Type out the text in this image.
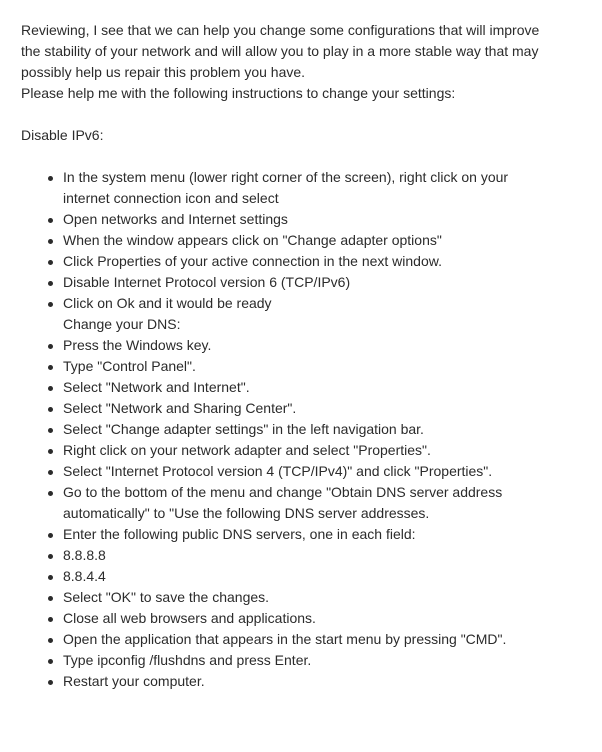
Reviewing, I see that we can help you change some configurations that will improve
the stability of your network and will allow you to play in a more stable way that may
possibly help us repair this problem you have.
Please help me with the following instructions to change your settings:

Disable IPv6:

In the system menu (lower right corner of the screen), right click on your
internet connection icon and select
Open networks and Internet settings
When the window appears click on "Change adapter options"
Click Properties of your active connection in the next window.
Disable Internet Protocol version 6 (TCP/IPv6)
Click on Ok and it would be ready
Change your DNS:
Press the Windows key.
Type "Control Panel".
Select "Network and Internet".
Select "Network and Sharing Center".
Select "Change adapter settings" in the left navigation bar.
Right click on your network adapter and select "Properties".
Select "Internet Protocol version 4 (TCP/IPv4)" and click "Properties".
Go to the bottom of the menu and change "Obtain DNS server address
automatically" to "Use the following DNS server addresses.
Enter the following public DNS servers, one in each field:
8.8.8.8
8.8.4.4
Select "OK" to save the changes.
Close all web browsers and applications.
Open the application that appears in the start menu by pressing "CMD".
Type ipconfig /flushdns and press Enter.
Restart your computer.
